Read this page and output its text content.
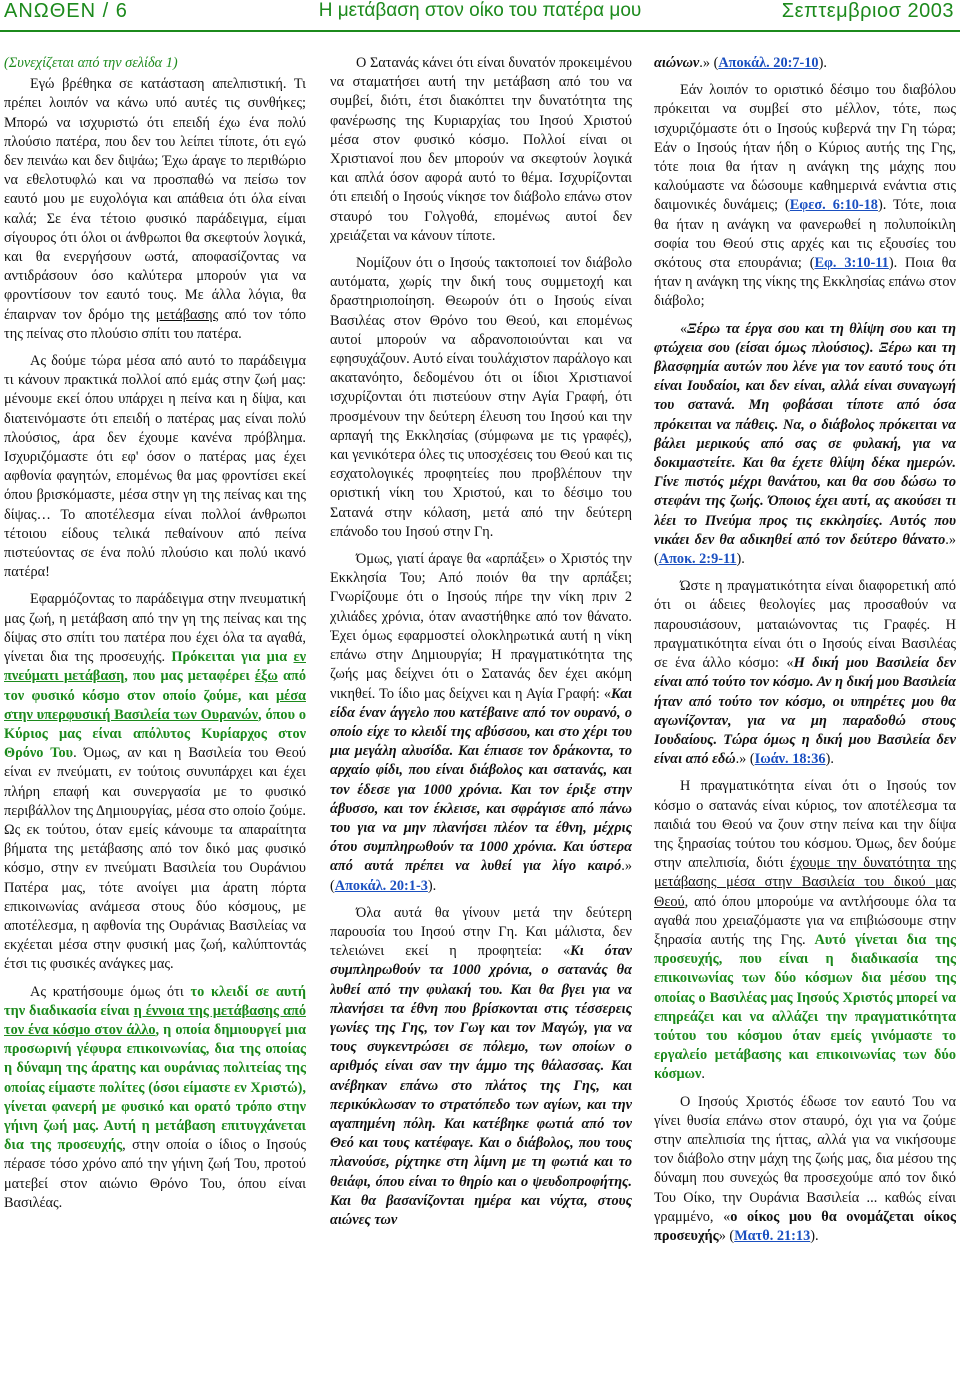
ΑΝΩΘΕΝ / 6	Η μετάβαση στον οίκο του πατέρα μου	Σεπτεμβριοσ 2003

(Συνεχίζεται από την σελίδα 1)

Εγώ βρέθηκα σε κατάσταση απελπιστική. Τι πρέπει λοιπόν να κάνω υπό αυτές τις συνθήκες; Μπορώ να ισχυριστώ ότι επειδή έχω ένα πολύ πλούσιο πατέρα, που δεν του λείπει τίποτε, ότι εγώ δεν πεινάω και δεν διψάω; Έχω άραγε το περιθώριο να εθελοτυφλώ και να προσπαθώ να πείσω τον εαυτό μου με ευχολόγια και απάθεια ότι όλα είναι καλά; Σε ένα τέτοιο φυσικό παράδειγμα, είμαι σίγουρος ότι όλοι οι άνθρωποι θα σκεφτούν λογικά, και θα ενεργήσουν ωστά, αποφασίζοντας να αντιδράσουν όσο καλύτερα μπορούν για να φροντίσουν τον εαυτό τους. Με άλλα λόγια, θα έπαιρναν τον δρόμο της μετάβασης από τον τόπο της πείνας στο πλούσιο σπίτι του πατέρα.

Ας δούμε τώρα μέσα από αυτό το παράδειγμα τι κάνουν πρακτικά πολλοί από εμάς στην ζωή μας: μένουμε εκεί όπου υπάρχει η πείνα και η δίψα, και διατεινόμαστε ότι επειδή ο πατέρας μας είναι πολύ πλούσιος, άρα δεν έχουμε κανένα πρόβλημα. Ισχυριζόμαστε ότι εφ' όσον ο πατέρας μας έχει αφθονία φαγητών, επομένως θα μας φροντίσει εκεί όπου βρισκόμαστε, μέσα στην γη της πείνας και της δίψας… Το αποτέλεσμα είναι πολλοί άνθρωποι τέτοιου είδους τελικά πεθαίνουν από πείνα πιστεύοντας σε ένα πολύ πλούσιο και πολύ ικανό πατέρα!

Εφαρμόζοντας το παράδειγμα στην πνευματική μας ζωή, η μετάβαση από την γη της πείνας και της δίψας στο σπίτι του πατέρα που έχει όλα τα αγαθά, γίνεται δια της προσευχής. Πρόκειται για μια εν πνεύματι μετάβαση, που μας μεταφέρει έξω από τον φυσικό κόσμο στον οποίο ζούμε, και μέσα στην υπερφυσική Βασιλεία των Ουρανών, όπου ο Κύριος μας είναι απόλυτος Κυρίαρχος στον Θρόνο Του. Όμως, αν και η Βασιλεία του Θεού είναι εν πνεύματι, εν τούτοις συνυπάρχει και έχει πλήρη επαφή και συνεργασία με το φυσικό περιβάλλον της Δημιουργίας, μέσα στο οποίο ζούμε. Ως εκ τούτου, όταν εμείς κάνουμε τα απαραίτητα βήματα της μετάβασης από τον δικό μας φυσικό κόσμο, στην εν πνεύματι Βασιλεία του Ουράνιου Πατέρα μας, τότε ανοίγει μια άρατη πόρτα επικοινωνίας ανάμεσα στους δύο κόσμους, με αποτέλεσμα, η αφθονία της Ουράνιας Βασιλείας να εκχέεται μέσα στην φυσική μας ζωή, καλύπτοντάς έτσι τις φυσικές ανάγκες μας.

Ας κρατήσουμε όμως ότι το κλειδί σε αυτή την διαδικασία είναι η έννοια της μετάβασης από τον ένα κόσμο στον άλλο, η οποία δημιουργεί μια προσωρινή γέφυρα επικοινωνίας, δια της οποίας η δύναμη της άρατης και ουράνιας πολιτείας της οποίας είμαστε πολίτες (όσοι είμαστε εν Χριστώ), γίνεται φανερή με φυσικό και ορατό τρόπο στην γήινη ζωή μας. Αυτή η μετάβαση επιτυγχάνεται δια της προσευχής, στην οποία ο ίδιος ο Ιησούς πέρασε τόσο χρόνο από την γήινη ζωή Του, προτού ματεβεί στον αιώνιο Θρόνο Του, όπου είναι Βασιλέας.

Ο Σατανάς κάνει ότι είναι δυνατόν προκειμένου να σταματήσει αυτή την μετάβαση από του να συμβεί, διότι, έτσι διακόπτει την δυνατότητα της φανέρωσης της Κυριαρχίας του Ιησού Χριστού μέσα στον φυσικό κόσμο. Πολλοί είναι οι Χριστιανοί που δεν μπορούν να σκεφτούν λογικά και απλά όσον αφορά αυτό το θέμα. Ισχυρίζονται ότι επειδή ο Ιησούς νίκησε τον διάβολο επάνω στον σταυρό του Γολγοθά, επομένως αυτοί δεν χρειάζεται να κάνουν τίποτε.

Νομίζουν ότι ο Ιησούς τακτοποιεί τον διάβολο αυτόματα, χωρίς την δική τους συμμετοχή και δραστηριοποίηση. Θεωρούν ότι ο Ιησούς είναι Βασιλέας στον Θρόνο του Θεού, και επομένως αυτοί μπορούν να αδρανοποιούνται και να εφησυχάζουν. Αυτό είναι τουλάχιστον παράλογο και ακατανόητο, δεδομένου ότι οι ίδιοι Χριστιανοί ισχυρίζονται ότι πιστεύουν στην Αγία Γραφή, ότι προσμένουν την δεύτερη έλευση του Ιησού και την αρπαγή της Εκκλησίας (σύμφωνα με τις γραφές), και γενικότερα όλες τις υποσχέσεις του Θεού και τις εσχατολογικές προφητείες που προβλέπουν την οριστική νίκη του Χριστού, και το δέσιμο του Σατανά στην κόλαση, μετά από την δεύτερη επάνοδο του Ιησού στην Γη.

Όμως, γιατί άραγε θα «αρπάξει» ο Χριστός την Εκκλησία Του; Από ποιόν θα την αρπάξει; Γνωρίζουμε ότι ο Ιησούς πήρε την νίκη πριν 2 χιλιάδες χρόνια, όταν αναστήθηκε από τον θάνατο. Έχει όμως εφαρμοστεί ολοκληρωτικά αυτή η νίκη επάνω στην Δημιουργία; Η πραγματικότητα της ζωής μας δείχνει ότι ο Σατανάς δεν έχει ακόμη νικηθεί. Το ίδιο μας δείχνει και η Αγία Γραφή: «Και είδα έναν άγγελο που κατέβαινε από τον ουρανό, ο οποίο είχε το κλειδί της αβύσσου, και στο χέρι του μια μεγάλη αλυσίδα. Και έπιασε τον δράκοντα, το αρχαίο φίδι, που είναι διάβολος και σατανάς, και τον έδεσε για 1000 χρόνια. Και τον έριξε στην άβυσσο, και τον έκλεισε, και σφράγισε από πάνω του για να μην πλανήσει πλέον τα έθνη, μέχρις ότου συμπληρωθούν τα 1000 χρόνια. Και ύστερα από αυτά πρέπει να λυθεί για λίγο καιρό.» (Αποκάλ. 20:1-3).

Όλα αυτά θα γίνουν μετά την δεύτερη παρουσία του Ιησού στην Γη. Και μάλιστα, δεν τελειώνει εκεί η προφητεία: «Κι όταν συμπληρωθούν τα 1000 χρόνια, ο σατανάς θα λυθεί από την φυλακή του. Και θα βγει για να πλανήσει τα έθνη που βρίσκονται στις τέσσερεις γωνίες της Γης, τον Γωγ και τον Μαγώγ, για να τους συγκεντρώσει σε πόλεμο, των οποίων ο αριθμός είναι σαν την άμμο της θάλασσας. Και ανέβηκαν επάνω στο πλάτος της Γης, και περικύκλωσαν το στρατόπεδο των αγίων, και την αγαπημένη πόλη. Και κατέβηκε φωτιά από τον Θεό και τους κατέφαγε. Και ο διάβολος, που τους πλανούσε, ρίχτηκε στη λίμνη με τη φωτιά και το θειάφι, όπου είναι το θηρίο και ο ψευδοπροφήτης. Και θα βασανίζονται ημέρα και νύχτα, στους αιώνες των

αιώνων.» (Αποκάλ. 20:7-10).

Εάν λοιπόν το οριστικό δέσιμο του διαβόλου πρόκειται να συμβεί στο μέλλον, τότε, πως ισχυριζόμαστε ότι ο Ιησούς κυβερνά την Γη τώρα; Εάν ο Ιησούς ήταν ήδη ο Κύριος αυτής της Γης, τότε ποια θα ήταν η ανάγκη της μάχης που καλούμαστε να δώσουμε καθημερινά ενάντια στις δαιμονικές δυνάμεις; (Εφεσ. 6:10-18). Τότε, ποια θα ήταν η ανάγκη να φανερωθεί η πολυποίκιλη σοφία του Θεού στις αρχές και τις εξουσίες του σκότους στα επουράνια; (Εφ. 3:10-11). Ποια θα ήταν η ανάγκη της νίκης της Εκκλησίας επάνω στον διάβολο;

«Ξέρω τα έργα σου και τη θλίψη σου και τη φτώχεια σου (είσαι όμως πλούσιος). Ξέρω και τη βλασφημία αυτών που λένε για τον εαυτό τους ότι είναι Ιουδαίοι, και δεν είναι, αλλά είναι συναγωγή του σατανά. Μη φοβάσαι τίποτε από όσα πρόκειται να πάθεις. Να, ο διάβολος πρόκειται να βάλει μερικούς από σας σε φυλακή, για να δοκιμαστείτε. Και θα έχετε θλίψη δέκα ημερών. Γίνε πιστός μέχρι θανάτου, και θα σου δώσω το στεφάνι της ζωής. Όποιος έχει αυτί, ας ακούσει τι λέει το Πνεύμα προς τις εκκλησίες. Αυτός που νικάει δεν θα αδικηθεί από τον δεύτερο θάνατο.» (Αποκ. 2:9-11).

Ώστε η πραγματικότητα είναι διαφορετική από ότι οι άδειες θεολογίες μας προσαθούν να παρουσιάσουν, ματαιώνοντας τις Γραφές. Η πραγματικότητα είναι ότι ο Ιησούς είναι Βασιλέας σε ένα άλλο κόσμο: «Η δική μου Βασιλεία δεν είναι από τούτο τον κόσμο. Αν η δική μου Βασιλεία ήταν από τούτο τον κόσμο, οι υπηρέτες μου θα αγωνίζονταν, για να μη παραδοθώ στους Ιουδαίους. Τώρα όμως η δική μου Βασιλεία δεν είναι από εδώ.» (Ιωάν. 18:36).

Η πραγματικότητα είναι ότι ο Ιησούς τον κόσμο ο σατανάς είναι κύριος, τον αποτέλεσμα τα παιδιά του Θεού να ζουν στην πείνα και την δίψα της ξηρασίας τούτου του κόσμου. Όμως, δεν δούμε στην απελπισία, διότι έχουμε την δυνατότητα της μετάβασης μέσα στην Βασιλεία του δικού μας Θεού, από όπου μπορούμε να αντλήσουμε όλα τα αγαθά που χρειαζόμαστε για να επιβιώσουμε στην ξηρασία αυτής της Γης. Αυτό γίνεται δια της προσευχής, που είναι η διαδικασία της επικοινωνίας των δύο κόσμων δια μέσου της οποίας ο Βασιλέας μας Ιησούς Χριστός μπορεί να επηρεάζει και να αλλάζει την πραγματικότητα τούτου του κόσμου όταν εμείς γινόμαστε το εργαλείο μετάβασης και επικοινωνίας των δύο κόσμων.

Ο Ιησούς Χριστός έδωσε τον εαυτό Του να γίνει θυσία επάνω στον σταυρό, όχι για να ζούμε στην απελπισία της ήττας, αλλά για να νικήσουμε τον διάβολο στην μάχη της ζωής μας, δια μέσου της δύναμη που συνεχώς θα προσεχούμε από τον δικό Του Οίκο, την Ουράνια Βασιλεία ... καθώς είναι γραμμένο, «ο οίκος μου θα ονομάζεται οίκος προσευχής» (Ματθ. 21:13).
